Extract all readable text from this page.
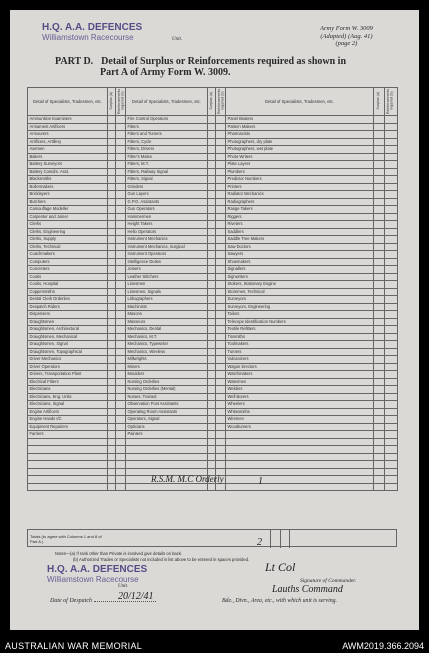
H.Q. A.A. DEFENCES
Williamstown Racecourse	Unit.
Army Form W. 3009
(Adapted) (Aug. 41)
(page 2)
PART D. Detail of Surplus or Reinforcements required as shown in
Part A of Army Form W. 3009.
Detail of Specialists, Tradesmen, etc.	Surplus (a)	Reinforcements required (b)	Detail of Specialists, Tradesmen, etc.	Surplus (a)	Reinforcements required (b)	Detail of Specialists, Tradesmen, etc.	Surplus (a)	Reinforcements required (b)
Ammunition Examiners			Fire Control Operators			Panel Beaters		
Armament Artificers			Fitters			Pattern Makers		
Armourers			Fitters and Turners			Pharmacists		
Artificers, Artillery			Fitters, Cycle			Photographers, dry plate		
Axemen			Fitters, Drivers			Photographers, wet plate		
Bakers			Fitter's Mates			Photo-Writers		
Battery Surveyors			Fitters, M.T.			Plate Layers		
Battery Comdrs. Asst.			Fitters, Railway Signal			Plumbers		
Blacksmiths			Fitters, Signal			Predictor Numbers		
Boilermakers			Grinders			Printers		
Bricklayers			Gun Layers			Radiator Mechanics		
Butchers			G.P.O. Assistants			Radiographers		
Camouflage Modeller			Gun Operators			Range Takers		
Carpenter and Joiner			Hammermen			Riggers		
Clerks			Height Takers			Riveters		
Clerks, Engineering			Helio Operators			Saddlers		
Clerks, Supply			Instrument Mechanics			Saddle Tree Makers		
Clerks, Technical			Instrument Mechanics, Surgical			Saw Doctors		
Coachmakers			Instrument Operators			Sawyers		
Computers			Intelligence Duties			Shoemakers		
Concreters			Joiners			Signallers		
Cooks			Leather Stitchers			Signwriters		
Cooks, Hospital			Linesmen			Stokers, Stationary Engine		
Coppersmiths			Linesmen, Signals			Storemen, Technical		
Dental Clerk Orderlies			Lithographers			Surveyors		
Despatch Riders			Machinists			Surveyors, Engineering		
Dispensers			Masons			Tailors		
Draughtsmen			Masseurs			Telecope Identification Numbers		
Draughtsmen, Architectural			Mechanics, Dental			Textile Refitters		
Draughtsmen, Mechanical			Mechanics, M.T.			Tinsmiths		
Draughtsmen, Signal			Mechanics, Typewriter			Toolmakers		
Draughtsmen, Topographical			Mechanics, Wireless			Turners		
Driver Mechanics			Millwrights			Vulcanizers		
Driver Operators			Miners			Wagon Erectors		
Drivers, Transportation Plant			Moulders			Watchmakers		
Electrical Fitters			Nursing Orderlies			Watermen		
Electricians			Nursing Orderlies (Mental)			Welders		
Electricians, Eng. Units			Nurses, Trained			Well Borers		
Electricians, Signal			Observation Post Assistants			Wheelers		
Engine Artificers			Operating Room Assistants			Whitesmiths		
Engine Hands I/C			Operators, Signal			Wiremen		
Equipment Repairers			Opticians			Woodturners		
Farriers			Painters					

Totals (to agree with Columns 1 and 8 of Part A.)
R.S.M. M.C Orderly	1
2
Notes—(a) If rank other than Private is involved give details on back.
(b) Authorized Trades or Specialists not included in list above to be entered in spaces provided.
H.Q. A.A. DEFENCES
Williamstown Racecourse
Unit.
Lt Col
Lauths Command
Signature of Commander.
Date of Despatch	20/12/41	Bde., Divn., Area, etc., with which unit is serving.
AUSTRALIAN WAR MEMORIAL	AWM2019.366.2094
